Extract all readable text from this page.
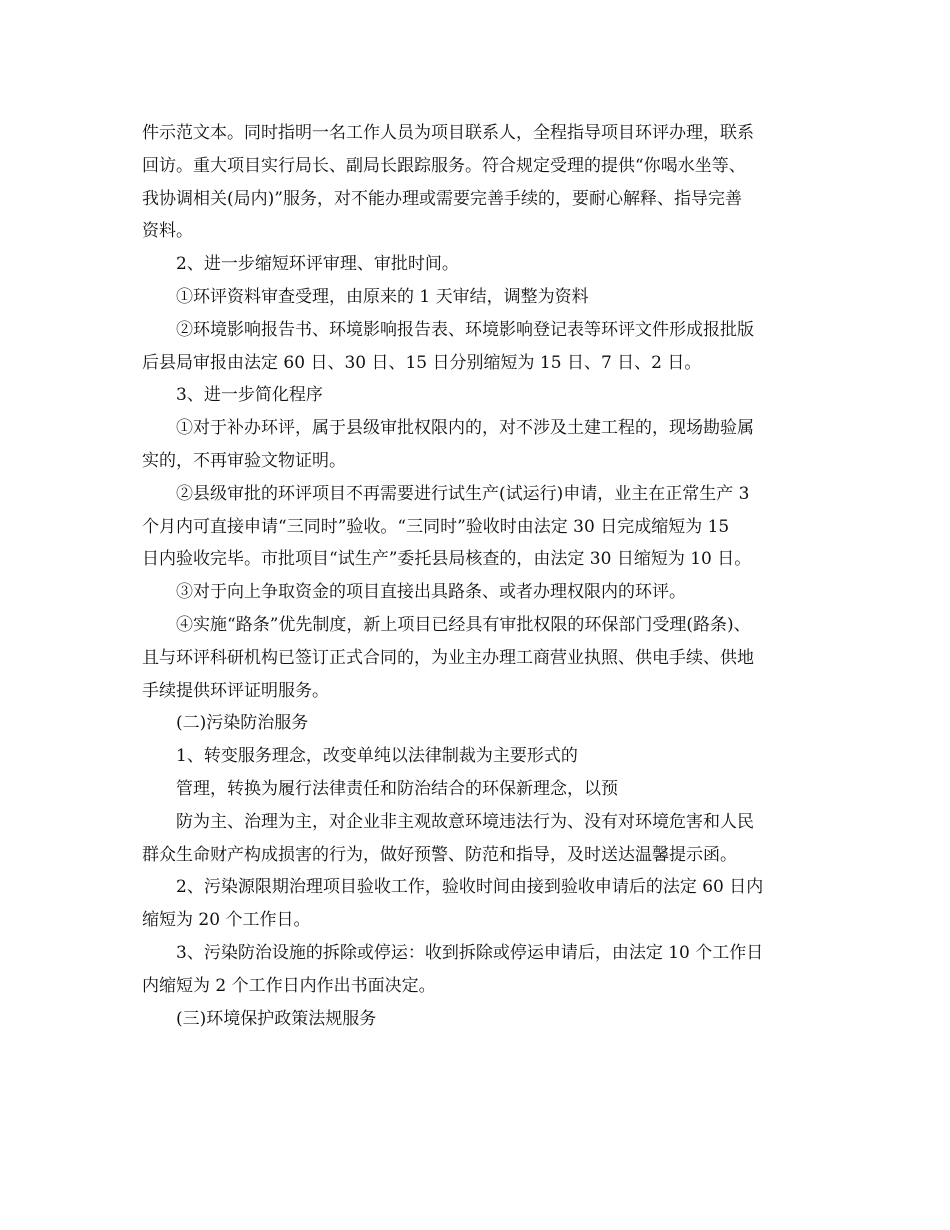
件示范文本。同时指明一名工作人员为项目联系人，全程指导项目环评办理，联系

回访。重大项目实行局长、副局长跟踪服务。符合规定受理的提供“你喝水坐等、

我协调相关(局内)”服务，对不能办理或需要完善手续的，要耐心解释、指导完善

资料。

2、进一步缩短环评审理、审批时间。

①环评资料审查受理，由原来的 1 天审结，调整为资料

②环境影响报告书、环境影响报告表、环境影响登记表等环评文件形成报批版

后县局审报由法定 60 日、30 日、15 日分别缩短为 15 日、7 日、2 日。

3、进一步简化程序

①对于补办环评，属于县级审批权限内的，对不涉及土建工程的，现场勘验属

实的，不再审验文物证明。

②县级审批的环评项目不再需要进行试生产(试运行)申请，业主在正常生产 3

个月内可直接申请“三同时”验收。“三同时”验收时由法定 30 日完成缩短为 15

日内验收完毕。市批项目“试生产”委托县局核查的，由法定 30 日缩短为 10 日。

③对于向上争取资金的项目直接出具路条、或者办理权限内的环评。

④实施“路条”优先制度，新上项目已经具有审批权限的环保部门受理(路条)、

且与环评科研机构已签订正式合同的，为业主办理工商营业执照、供电手续、供地

手续提供环评证明服务。

(二)污染防治服务

1、转变服务理念，改变单纯以法律制裁为主要形式的

管理，转换为履行法律责任和防治结合的环保新理念，以预

防为主、治理为主，对企业非主观故意环境违法行为、没有对环境危害和人民

群众生命财产构成损害的行为，做好预警、防范和指导，及时送达温馨提示函。

2、污染源限期治理项目验收工作，验收时间由接到验收申请后的法定 60 日内

缩短为 20 个工作日。

3、污染防治设施的拆除或停运：收到拆除或停运申请后，由法定 10 个工作日

内缩短为 2 个工作日内作出书面决定。

(三)环境保护政策法规服务
